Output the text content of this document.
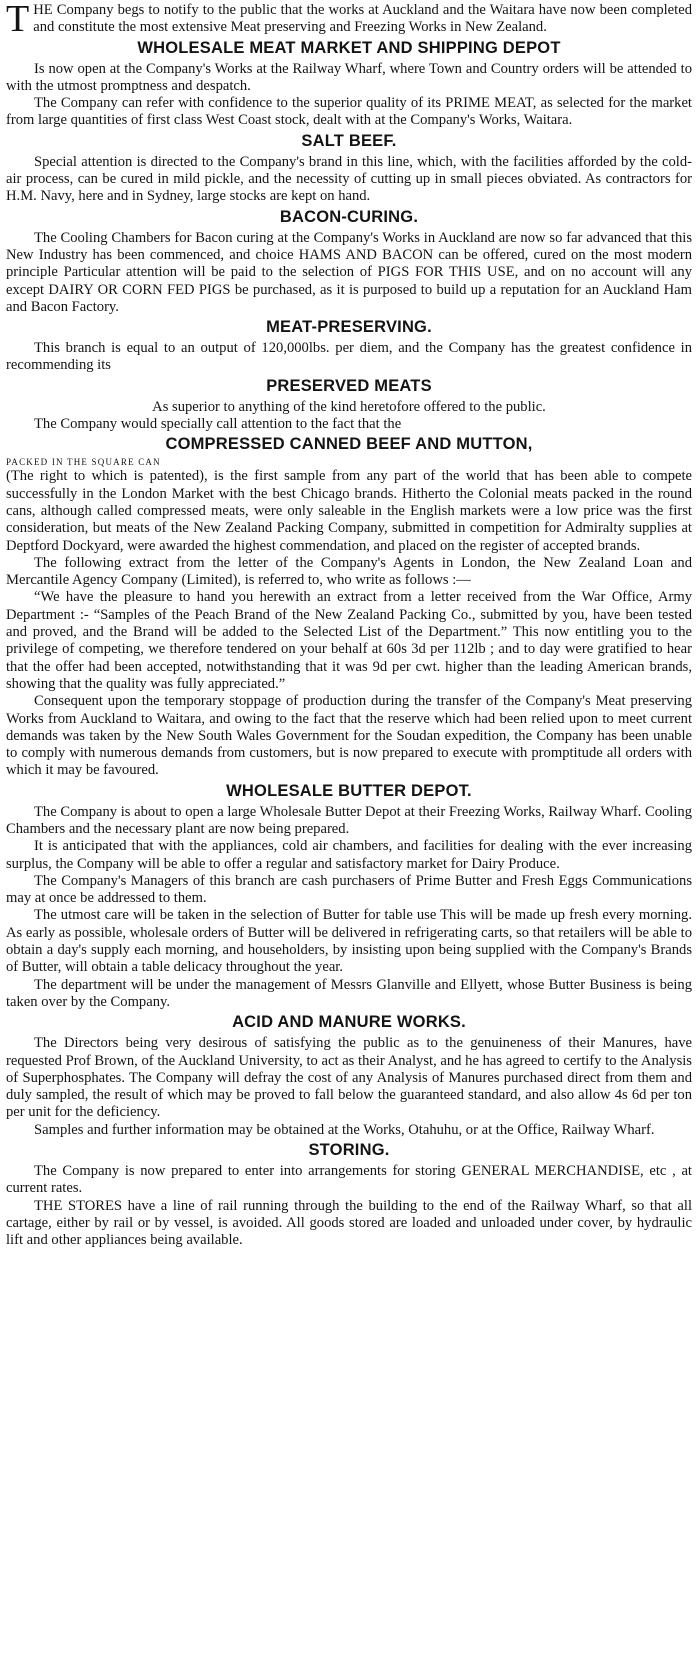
T HE Company begs to notify to the public that the works at Auckland and the Waitara have now been completed and constitute the most extensive Meat preserving and Freezing Works in New Zealand.

WHOLESALE MEAT MARKET AND SHIPPING DEPOT

Is now open at the Company's Works at the Railway Wharf, where Town and Country orders will be attended to with the utmost promptness and despatch.

The Company can refer with confidence to the superior quality of its PRIME MEAT, as selected for the market from large quantities of first class West Coast stock, dealt with at the Company's Works, Waitara.

SALT BEEF.

Special attention is directed to the Company's brand in this line, which, with the facilities afforded by the cold-air process, can be cured in mild pickle, and the necessity of cutting up in small pieces obviated. As contractors for H.M. Navy, here and in Sydney, large stocks are kept on hand.

BACON-CURING.

The Cooling Chambers for Bacon curing at the Company's Works in Auckland are now so far advanced that this New Industry has been commenced, and choice HAMS AND BACON can be offered, cured on the most modern principle Particular attention will be paid to the selection of PIGS FOR THIS USE, and on no account will any except DAIRY OR CORN FED PIGS be purchased, as it is purposed to build up a reputation for an Auckland Ham and Bacon Factory.

MEAT-PRESERVING.

This branch is equal to an output of 120,000lbs. per diem, and the Company has the greatest confidence in recommending its

PRESERVED MEATS

As superior to anything of the kind heretofore offered to the public.

The Company would specially call attention to the fact that the

COMPRESSED CANNED BEEF AND MUTTON,

PACKED IN THE SQUARE CAN

(The right to which is patented), is the first sample from any part of the world that has been able to compete successfully in the London Market with the best Chicago brands. Hitherto the Colonial meats packed in the round cans, although called compressed meats, were only saleable in the English markets were a low price was the first consideration, but meats of the New Zealand Packing Company, submitted in competition for Admiralty supplies at Deptford Dockyard, were awarded the highest commendation, and placed on the register of accepted brands.

The following extract from the letter of the Company's Agents in London, the New Zealand Loan and Mercantile Agency Company (Limited), is referred to, who write as follows :—

“We have the pleasure to hand you herewith an extract from a letter received from the War Office, Army Department :- “Samples of the Peach Brand of the New Zealand Packing Co., submitted by you, have been tested and proved, and the Brand will be added to the Selected List of the Department.” This now entitling you to the privilege of competing, we therefore tendered on your behalf at 60s 3d per 112lb ; and to day were gratified to hear that the offer had been accepted, notwithstanding that it was 9d per cwt. higher than the leading American brands, showing that the quality was fully appreciated.”

Consequent upon the temporary stoppage of production during the transfer of the Company's Meat preserving Works from Auckland to Waitara, and owing to the fact that the reserve which had been relied upon to meet current demands was taken by the New South Wales Government for the Soudan expedition, the Company has been unable to comply with numerous demands from customers, but is now prepared to execute with promptitude all orders with which it may be favoured.

WHOLESALE BUTTER DEPOT.

The Company is about to open a large Wholesale Butter Depot at their Freezing Works, Railway Wharf. Cooling Chambers and the necessary plant are now being prepared.

It is anticipated that with the appliances, cold air chambers, and facilities for dealing with the ever increasing surplus, the Company will be able to offer a regular and satisfactory market for Dairy Produce.

The Company's Managers of this branch are cash purchasers of Prime Butter and Fresh Eggs Communications may at once be addressed to them.

The utmost care will be taken in the selection of Butter for table use This will be made up fresh every morning. As early as possible, wholesale orders of Butter will be delivered in refrigerating carts, so that retailers will be able to obtain a day's supply each morning, and householders, by insisting upon being supplied with the Company's Brands of Butter, will obtain a table delicacy throughout the year.

The department will be under the management of Messrs Glanville and Ellyett, whose Butter Business is being taken over by the Company.

ACID AND MANURE WORKS.

The Directors being very desirous of satisfying the public as to the genuineness of their Manures, have requested Prof Brown, of the Auckland University, to act as their Analyst, and he has agreed to certify to the Analysis of Superphosphates. The Company will defray the cost of any Analysis of Manures purchased direct from them and duly sampled, the result of which may be proved to fall below the guaranteed standard, and also allow 4s 6d per ton per unit for the deficiency.

Samples and further information may be obtained at the Works, Otahuhu, or at the Office, Railway Wharf.

STORING.

The Company is now prepared to enter into arrangements for storing GENERAL MERCHANDISE, etc , at current rates.

THE STORES have a line of rail running through the building to the end of the Railway Wharf, so that all cartage, either by rail or by vessel, is avoided. All goods stored are loaded and unloaded under cover, by hydraulic lift and other appliances being available.
